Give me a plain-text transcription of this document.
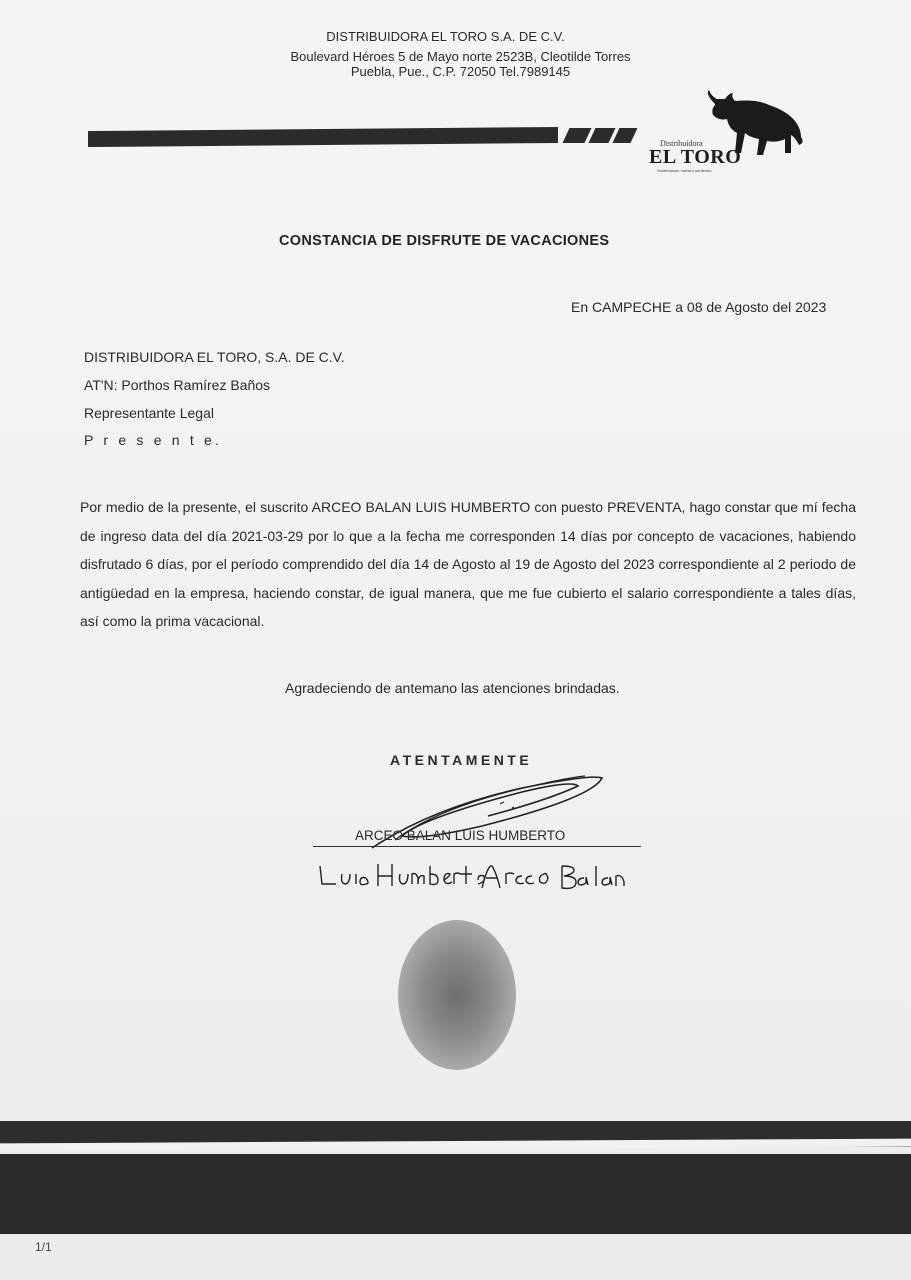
DISTRIBUIDORA EL TORO S.A. DE C.V.
Boulevard Héroes 5 de Mayo norte 2523B, Cleotilde Torres
Puebla, Pue., C.P. 72050 Tel.7989145
Distribuidora
EL TORO
Sustentando nuestro surtiendo
CONSTANCIA DE DISFRUTE DE VACACIONES
En CAMPECHE a 08 de Agosto del 2023
DISTRIBUIDORA EL TORO, S.A. DE C.V.
AT'N: Porthos Ramírez Baños
Representante Legal
P r e s e n t e.
Por medio de la presente, el suscrito ARCEO BALAN LUIS HUMBERTO con puesto PREVENTA, hago constar que mí fecha de ingreso data del día 2021-03-29 por lo que a la fecha me corresponden 14 días por concepto de vacaciones, habiendo disfrutado 6 días, por el período comprendido del día 14 de Agosto al 19 de Agosto del 2023 correspondiente al 2 periodo de antigüedad en la empresa, haciendo constar, de igual manera, que me fue cubierto el salario correspondiente a tales días, así como la prima vacacional.
Agradeciendo de antemano las atenciones brindadas.
ATENTAMENTE
ARCEO BALAN LUIS HUMBERTO
1/1
